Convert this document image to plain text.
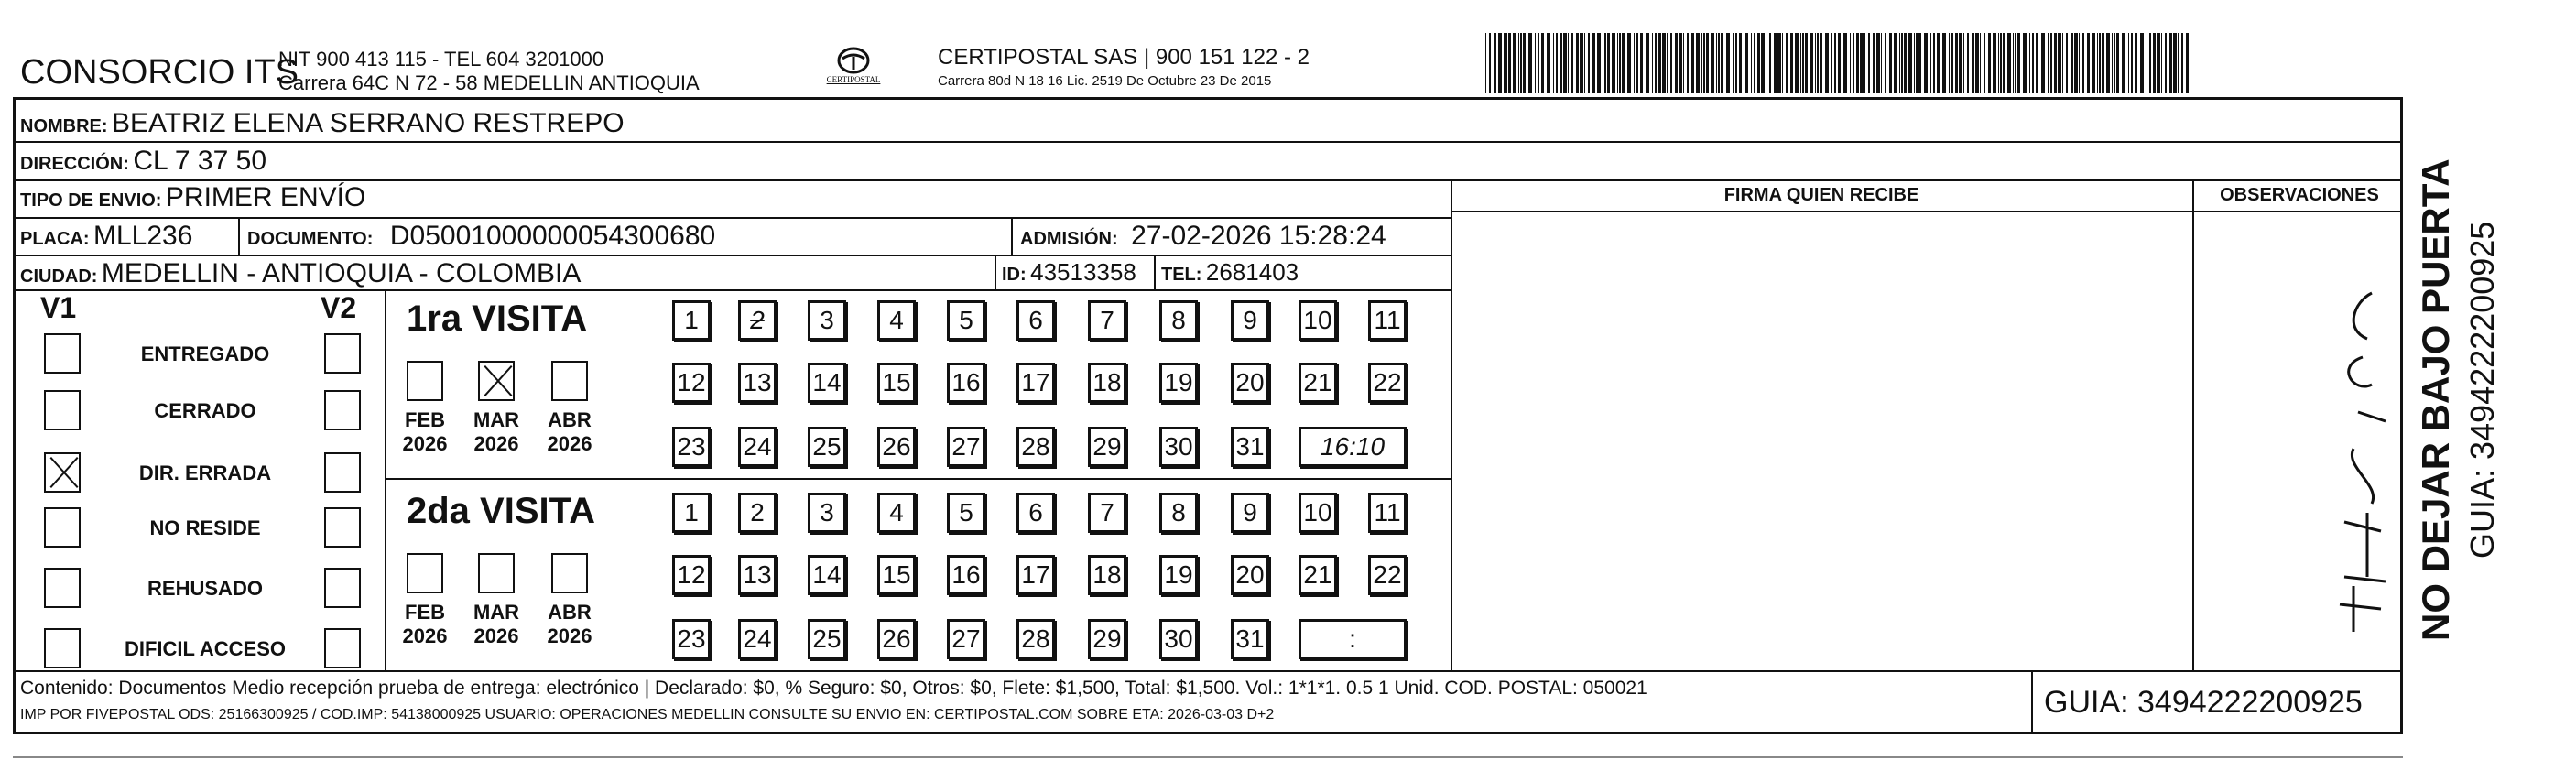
CONSORCIO ITS
NIT 900 413 115 - TEL 604 3201000
Carrera 64C N 72 - 58 MEDELLIN ANTIOQUIA	CERTIPOSTAL
CERTIPOSTAL SAS | 900 151 122 - 2
Carrera 80d N 18 16 Lic. 2519 De Octubre 23 De 2015
NOMBRE: BEATRIZ ELENA SERRANO RESTREPO
DIRECCIÓN: CL 7 37 50
TIPO DE ENVIO: PRIMER ENVÍO
PLACA: MLL236	DOCUMENTO: D05001000000054300680	ADMISIÓN: 27-02-2026 15:28:24
CIUDAD: MEDELLIN - ANTIOQUIA - COLOMBIA	ID: 43513358 TEL: 2681403
FIRMA QUIEN RECIBE	OBSERVACIONES
V1	V2
ENTREGADO
CERRADO
DIR. ERRADA
NO RESIDE
REHUSADO
DIFICIL ACCESO
1ra VISITA
2da VISITA
FEB
2026
MAR
2026
ABR
2026
1	2	3	4	5	6	7	8	9	10 11
12 13 14 15 16 17 18 19 20 21 22
23 24 25 26 27 28 29 30 31	16:10
FEB
2026
MAR
2026
ABR
2026
1	2	3	4	5	6	7	8	9	10 11
12 13 14 15 16 17 18 19 20 21 22
23 24 25 26 27 28 29 30 31	:
Contenido: Documentos Medio recepción prueba de entrega: electrónico | Declarado: $0, % Seguro: $0, Otros: $0, Flete: $1,500, Total: $1,500. Vol.: 1*1*1. 0.5 1 Unid. COD. POSTAL: 050021
IMP POR FIVEPOSTAL ODS: 25166300925 / COD.IMP: 54138000925 USUARIO: OPERACIONES MEDELLIN CONSULTE SU ENVIO EN: CERTIPOSTAL.COM SOBRE ETA: 2026-03-03 D+2	GUIA: 3494222200925
NO DEJAR BAJO PUERTA GUIA: 3494222200925
